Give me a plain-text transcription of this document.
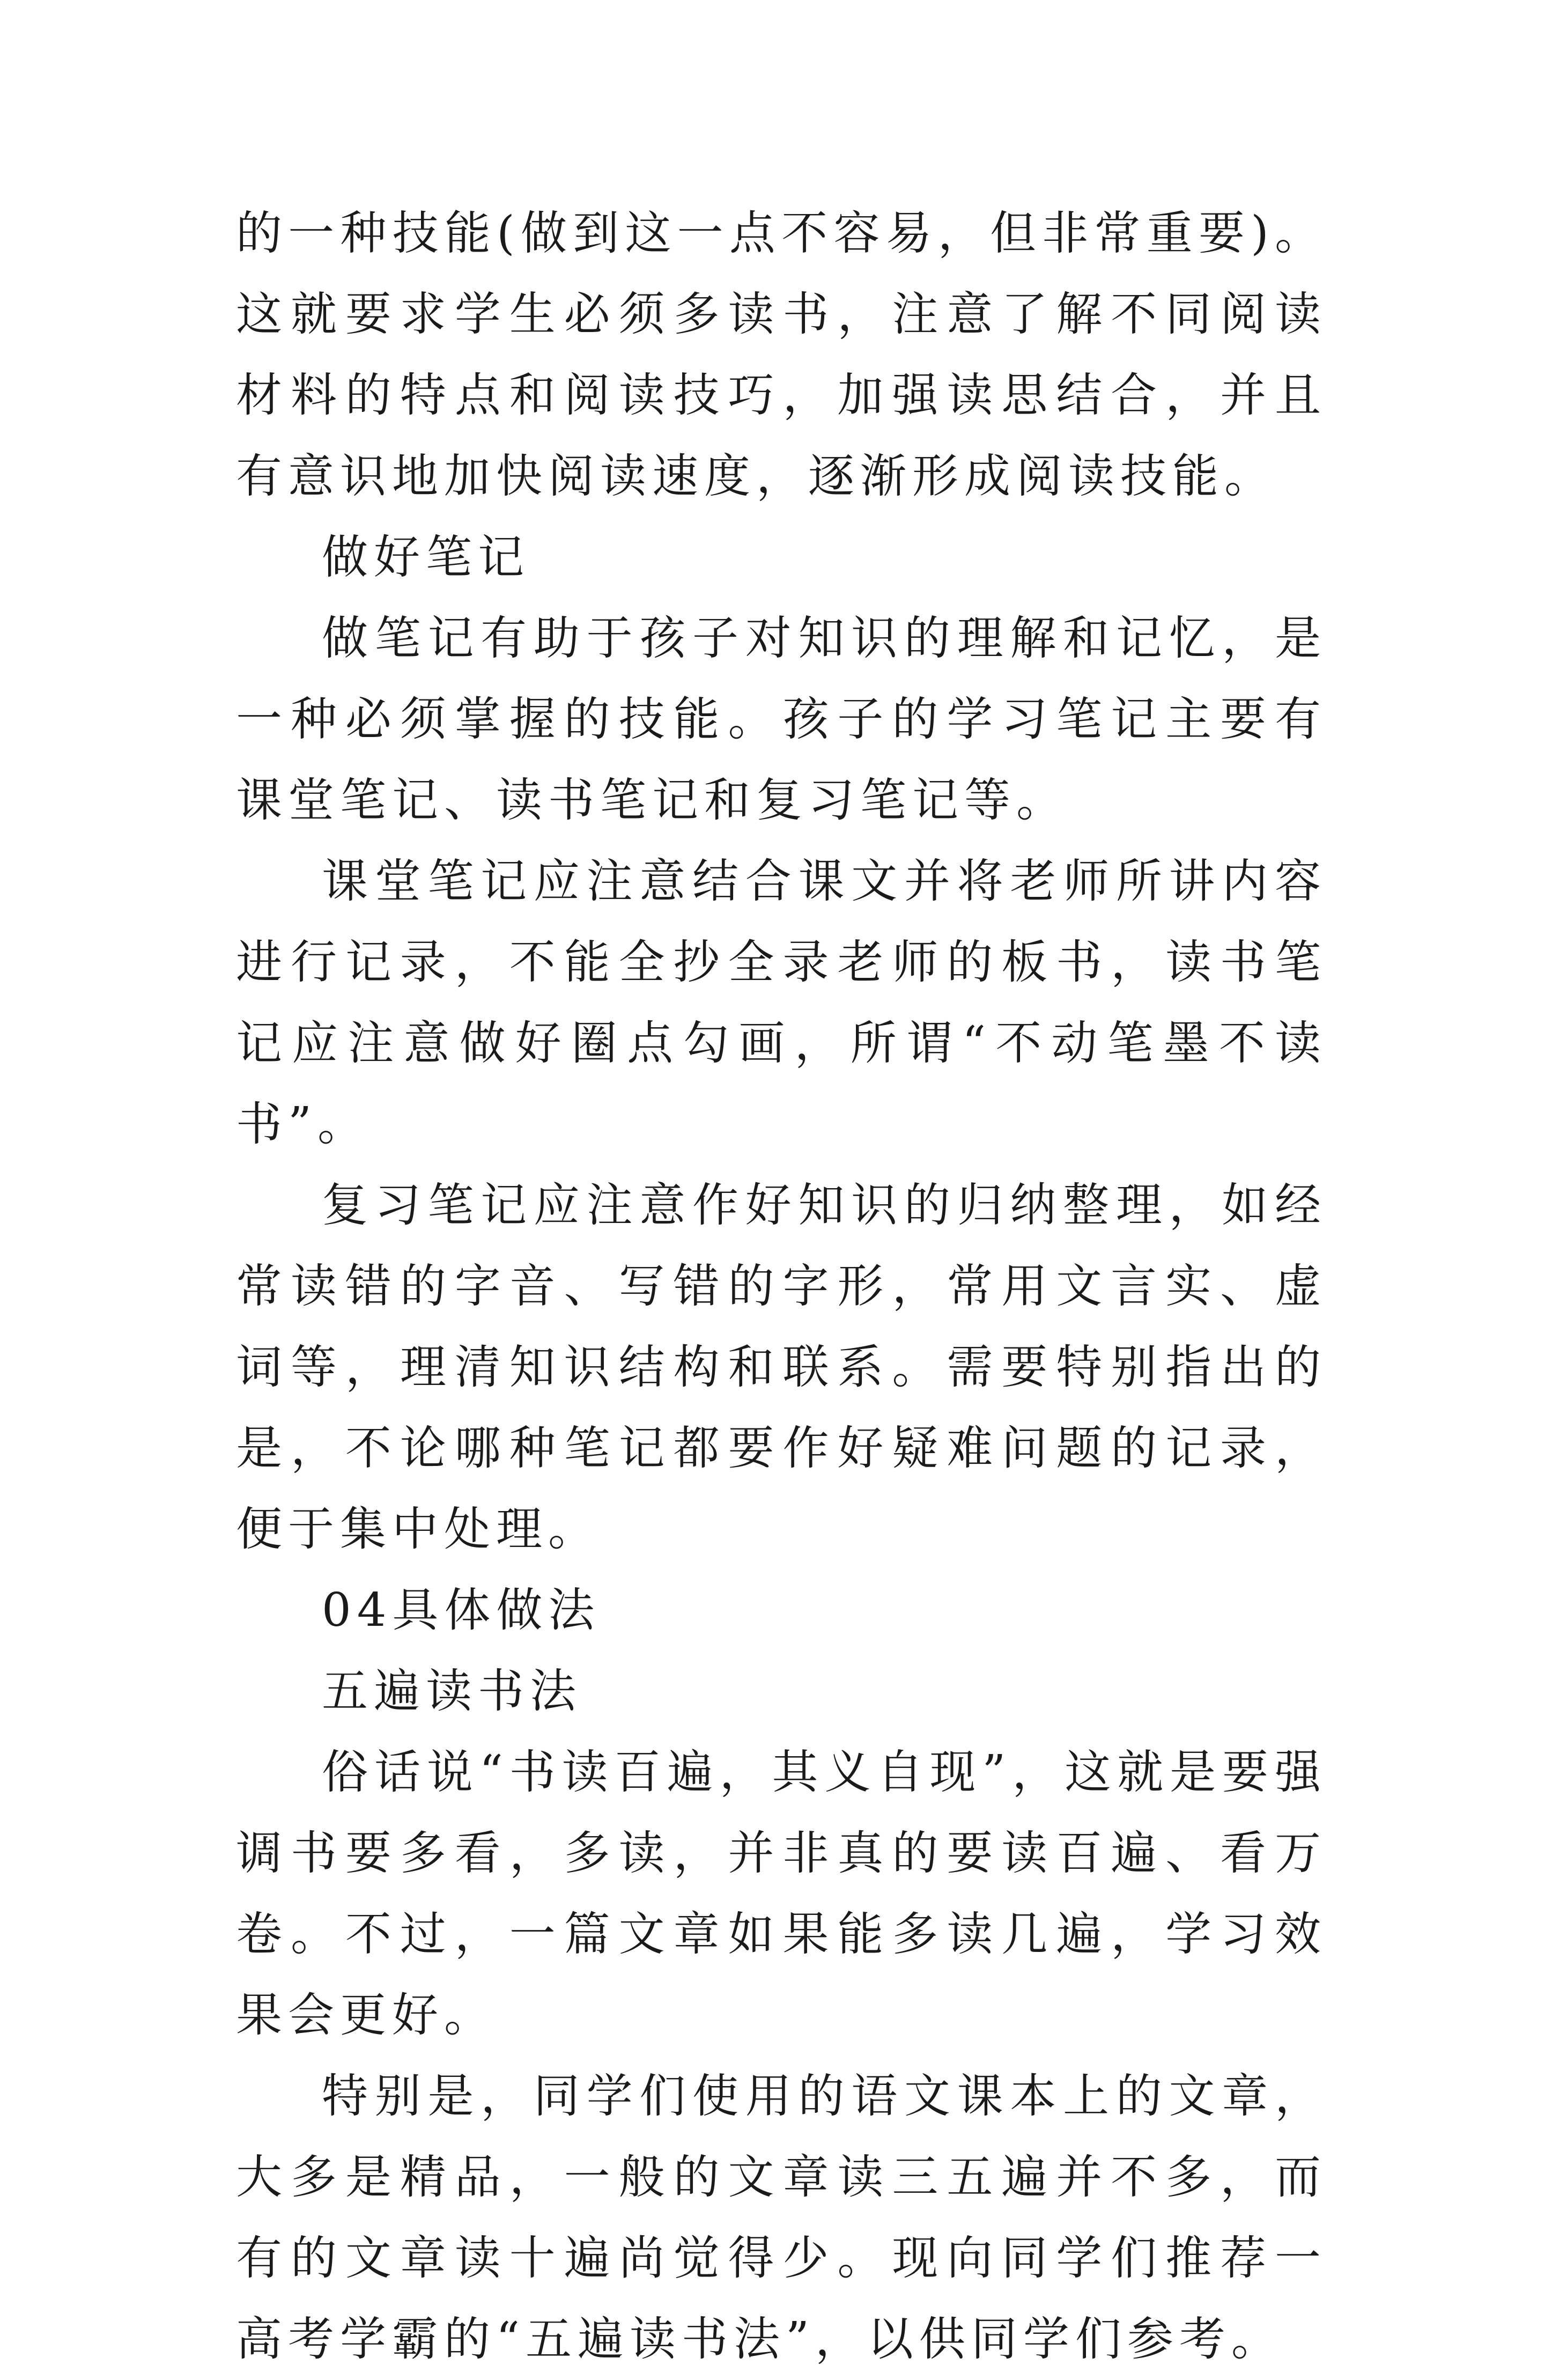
的一种技能(做到这一点不容易，但非常重要)。这就要求学生必须多读书，注意了解不同阅读材料的特点和阅读技巧，加强读思结合，并且有意识地加快阅读速度，逐渐形成阅读技能。

做好笔记

做笔记有助于孩子对知识的理解和记忆，是一种必须掌握的技能。孩子的学习笔记主要有课堂笔记、读书笔记和复习笔记等。

课堂笔记应注意结合课文并将老师所讲内容进行记录，不能全抄全录老师的板书，读书笔记应注意做好圈点勾画，所谓“不动笔墨不读书”。

复习笔记应注意作好知识的归纳整理，如经常读错的字音、写错的字形，常用文言实、虚词等，理清知识结构和联系。需要特别指出的是，不论哪种笔记都要作好疑难问题的记录，便于集中处理。

04具体做法

五遍读书法

俗话说“书读百遍，其义自现”，这就是要强调书要多看，多读，并非真的要读百遍、看万卷。不过，一篇文章如果能多读几遍，学习效果会更好。

特别是，同学们使用的语文课本上的文章，大多是精品，一般的文章读三五遍并不多，而有的文章读十遍尚觉得少。现向同学们推荐一高考学霸的“五遍读书法”，以供同学们参考。
